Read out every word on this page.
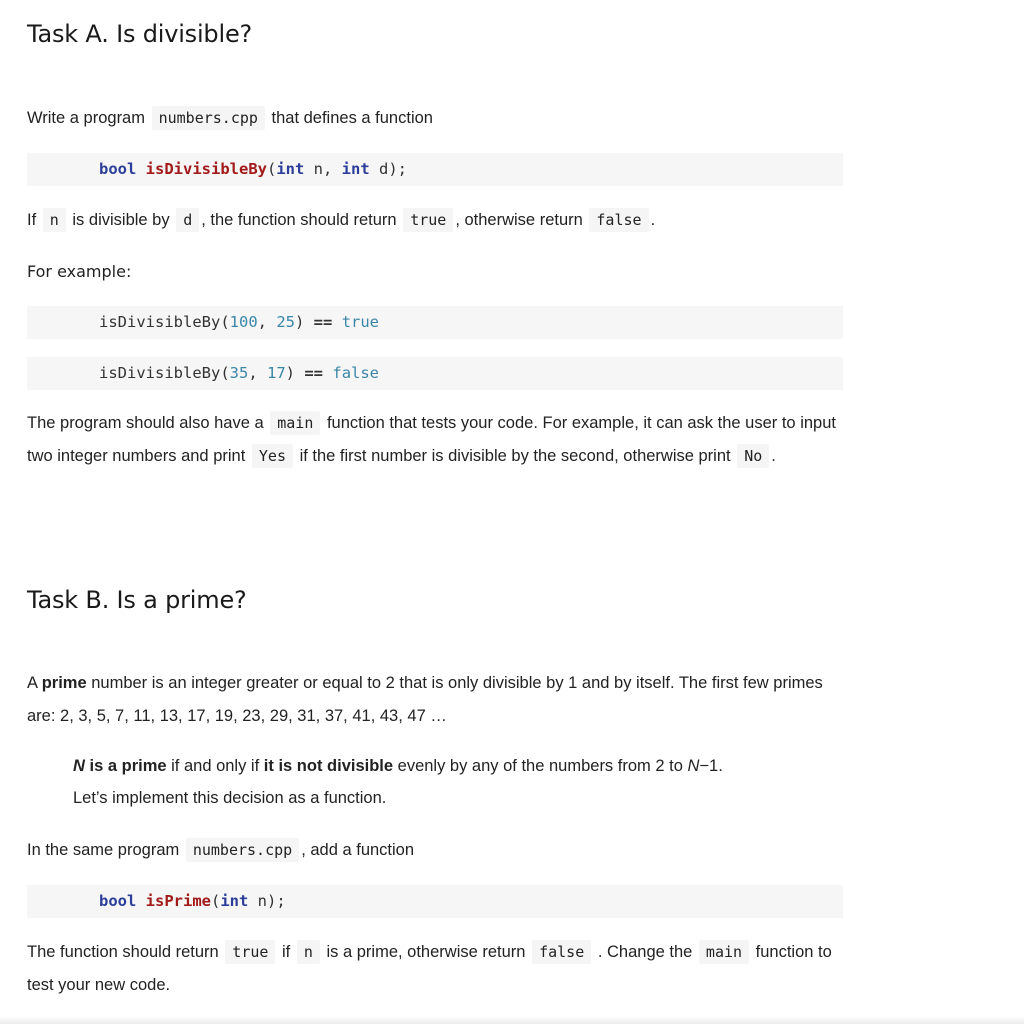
Task A. Is divisible?
Write a program numbers.cpp that defines a function
bool isDivisibleBy(int n, int d);
If n is divisible by d , the function should return true , otherwise return false .
For example:
isDivisibleBy(100, 25) == true
isDivisibleBy(35, 17) == false
The program should also have a main function that tests your code. For example, it can ask the user to input two integer numbers and print Yes if the first number is divisible by the second, otherwise print No .
Task B. Is a prime?
A prime number is an integer greater or equal to 2 that is only divisible by 1 and by itself. The first few primes are: 2, 3, 5, 7, 11, 13, 17, 19, 23, 29, 31, 37, 41, 43, 47 …
N is a prime if and only if it is not divisible evenly by any of the numbers from 2 to N−1.
Let’s implement this decision as a function.
In the same program numbers.cpp , add a function
bool isPrime(int n);
The function should return true if n is a prime, otherwise return false . Change the main function to test your new code.
